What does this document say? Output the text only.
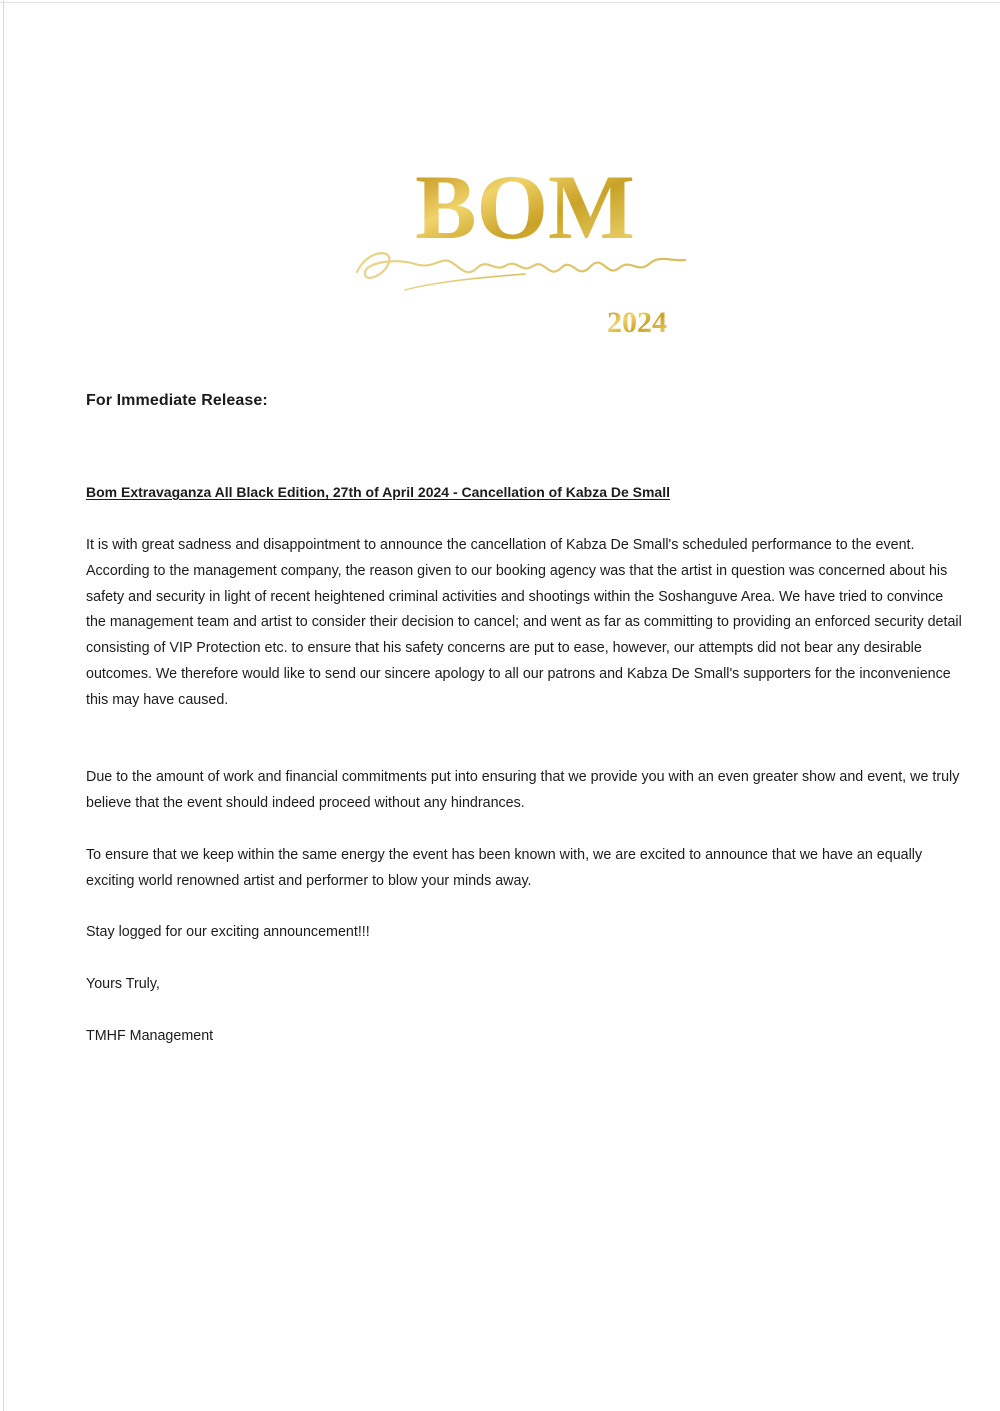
BOM
2024
For Immediate Release:
Bom Extravaganza All Black Edition, 27th of April 2024 - Cancellation of Kabza De Small

It is with great sadness and disappointment to announce the cancellation of Kabza De Small's scheduled performance to the event. According to the management company, the reason given to our booking agency was that the artist in question was concerned about his safety and security in light of recent heightened criminal activities and shootings within the Soshanguve Area. We have tried to convince the management team and artist to consider their decision to cancel; and went as far as committing to providing an enforced security detail consisting of VIP Protection etc. to ensure that his safety concerns are put to ease, however, our attempts did not bear any desirable outcomes. We therefore would like to send our sincere apology to all our patrons and Kabza De Small's supporters for the inconvenience this may have caused.

Due to the amount of work and financial commitments put into ensuring that we provide you with an even greater show and event, we truly believe that the event should indeed proceed without any hindrances.

To ensure that we keep within the same energy the event has been known with, we are excited to announce that we have an equally exciting world renowned artist and performer to blow your minds away.

Stay logged for our exciting announcement!!!

Yours Truly,

TMHF Management
